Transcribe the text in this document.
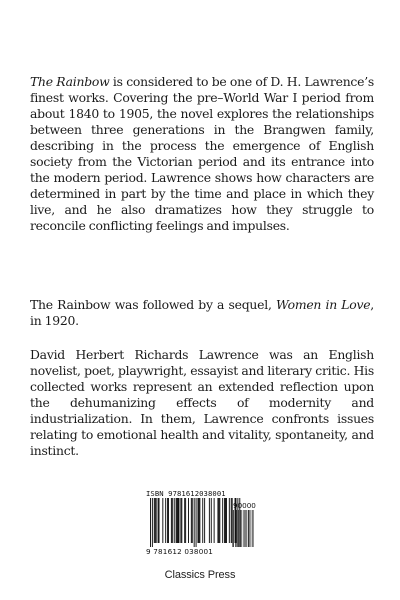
The Rainbow is considered to be one of D. H. Lawrence’s finest works. Covering the pre–World War I period from about 1840 to 1905, the novel explores the relationships between three generations in the Brangwen family, describing in the process the emergence of English society from the Victorian period and its entrance into the modern period. Lawrence shows how characters are determined in part by the time and place in which they live, and he also dramatizes how they struggle to reconcile conflicting feelings and impulses.

The Rainbow was followed by a sequel, Women in Love, in 1920.

David Herbert Richards Lawrence was an English novelist, poet, playwright, essayist and literary critic. His collected works represent an extended reflection upon the dehumanizing effects of modernity and industrialization. In them, Lawrence confronts issues relating to emotional health and vitality, spontaneity, and instinct.

ISBN 9781612038001
90000
9 781612 038001
Classics Press
